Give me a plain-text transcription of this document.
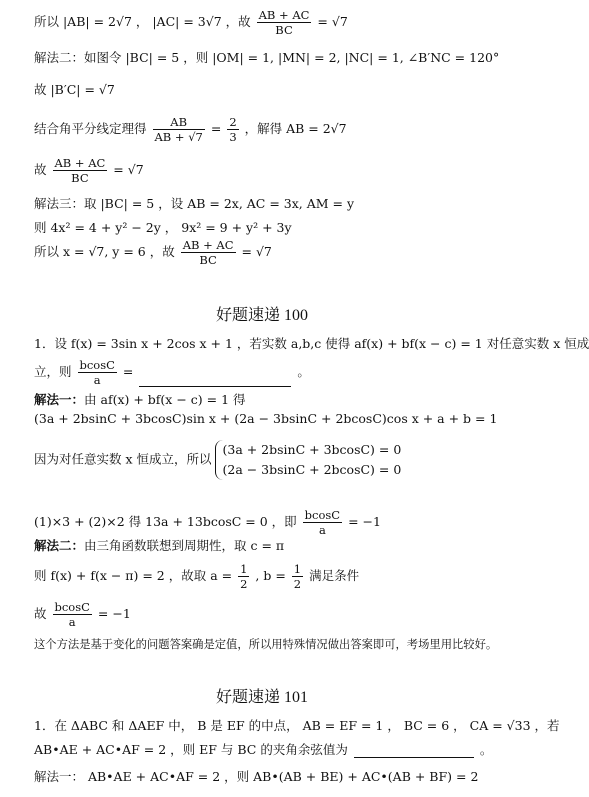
所以 |AB| = 2√7 ， |AC| = 3√7 ，故 $\frac{AB + AC}{BC} = √7$
解法二：如图令 |BC| = 5 ，则 |OM| = 1, |MN| = 2, |NC| = 1, ∠B′NC = 120°
故 |B′C| = √7
结合角平分线定理得 $\frac{AB}{AB + √7} = \frac{2}{3}$ ，解得 AB = 2√7
故 $\frac{AB + AC}{BC} = √7$
解法三：取 |BC| = 5 ，设 AB = 2x, AC = 3x, AM = y
则 4x² = 4 + y² − 2y ， 9x² = 9 + y² + 3y
所以 x = √7, y = 6 ，故 $\frac{AB + AC}{BC} = √7$
好题速递 100
1．设 f(x) = 3sin x + 2cos x + 1 ，若实数 a,b,c 使得 af(x) + bf(x − c) = 1 对任意实数 x 恒成
立，则 $\frac{bcosC}{a}$ =	。
解法一：由 af(x) + bf(x − c) = 1 得
(3a + 2bsinC + 3bcosC)sin x + (2a − 3bsinC + 2bcosC)cos x + a + b = 1
因为对任意实数 x 恒成立，所以 (3a + 2bsinC + 3bcosC) = 0
(2a − 3bsinC + 2bcosC) = 0
(1)×3 + (2)×2 得 13a + 13bcosC = 0 ，即 $\frac{bcosC}{a} = -1$
解法二：由三角函数联想到周期性，取 c = π
则 f(x) + f(x − π) = 2 ，故取 $a = \frac{1}{2}$ , $b = \frac{1}{2}$ 满足条件
故 $\frac{bcosC}{a} = -1$
这个方法是基于变化的问题答案确是定值，所以用特殊情况做出答案即可，考场里用比较好。
好题速递 101
1．在 ΔABC 和 ΔAEF 中， B 是 EF 的中点， AB = EF = 1 ， BC = 6 ， CA = √33 ，若
AB•AE + AC•AF = 2 ，则 EF 与 BC 的夹角余弦值为	。
解法一： AB•AE + AC•AF = 2 ，则 AB•(AB + BE) + AC•(AB + BF) = 2
